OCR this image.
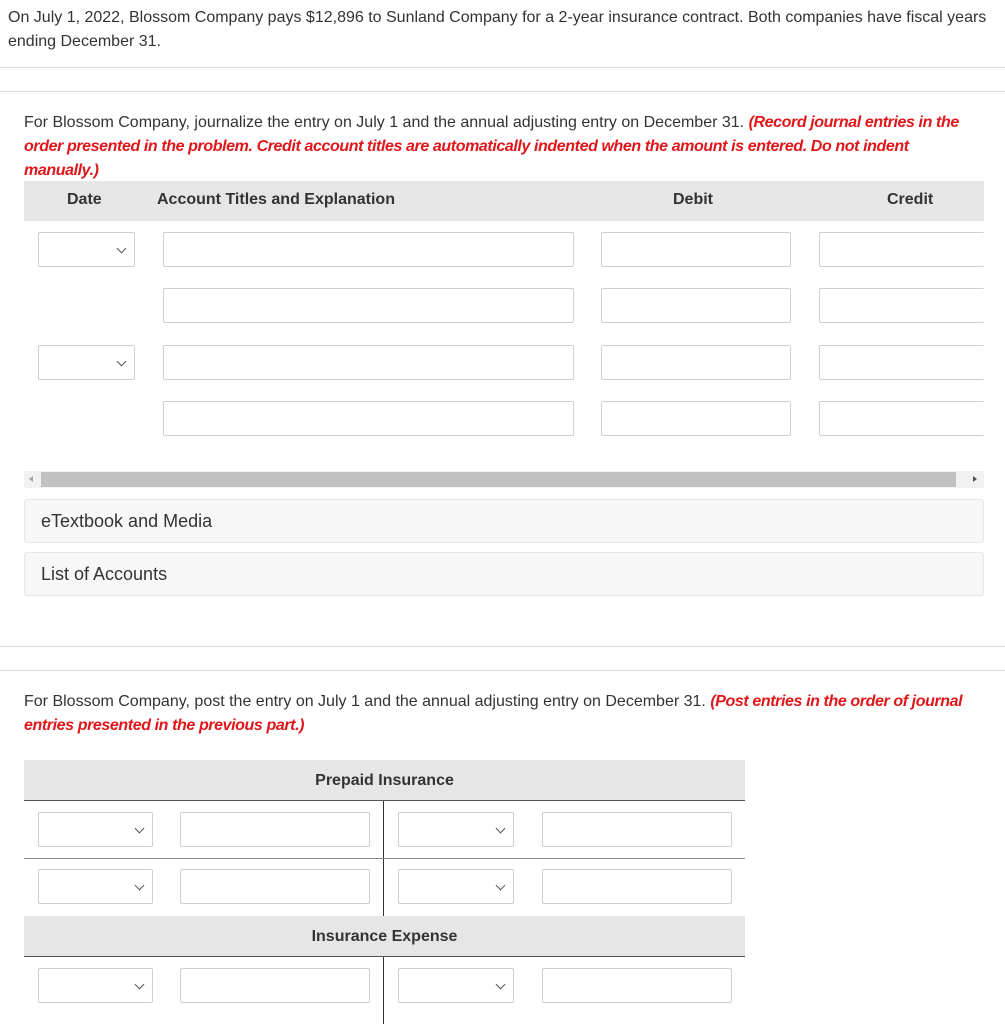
On July 1, 2022, Blossom Company pays $12,896 to Sunland Company for a 2-year insurance contract. Both companies have fiscal years ending December 31.
For Blossom Company, journalize the entry on July 1 and the annual adjusting entry on December 31. (Record journal entries in the order presented in the problem. Credit account titles are automatically indented when the amount is entered. Do not indent manually.)
Date	Account Titles and Explanation	Debit	Credit
eTextbook and Media
List of Accounts
For Blossom Company, post the entry on July 1 and the annual adjusting entry on December 31. (Post entries in the order of journal entries presented in the previous part.)
Prepaid Insurance
Insurance Expense
